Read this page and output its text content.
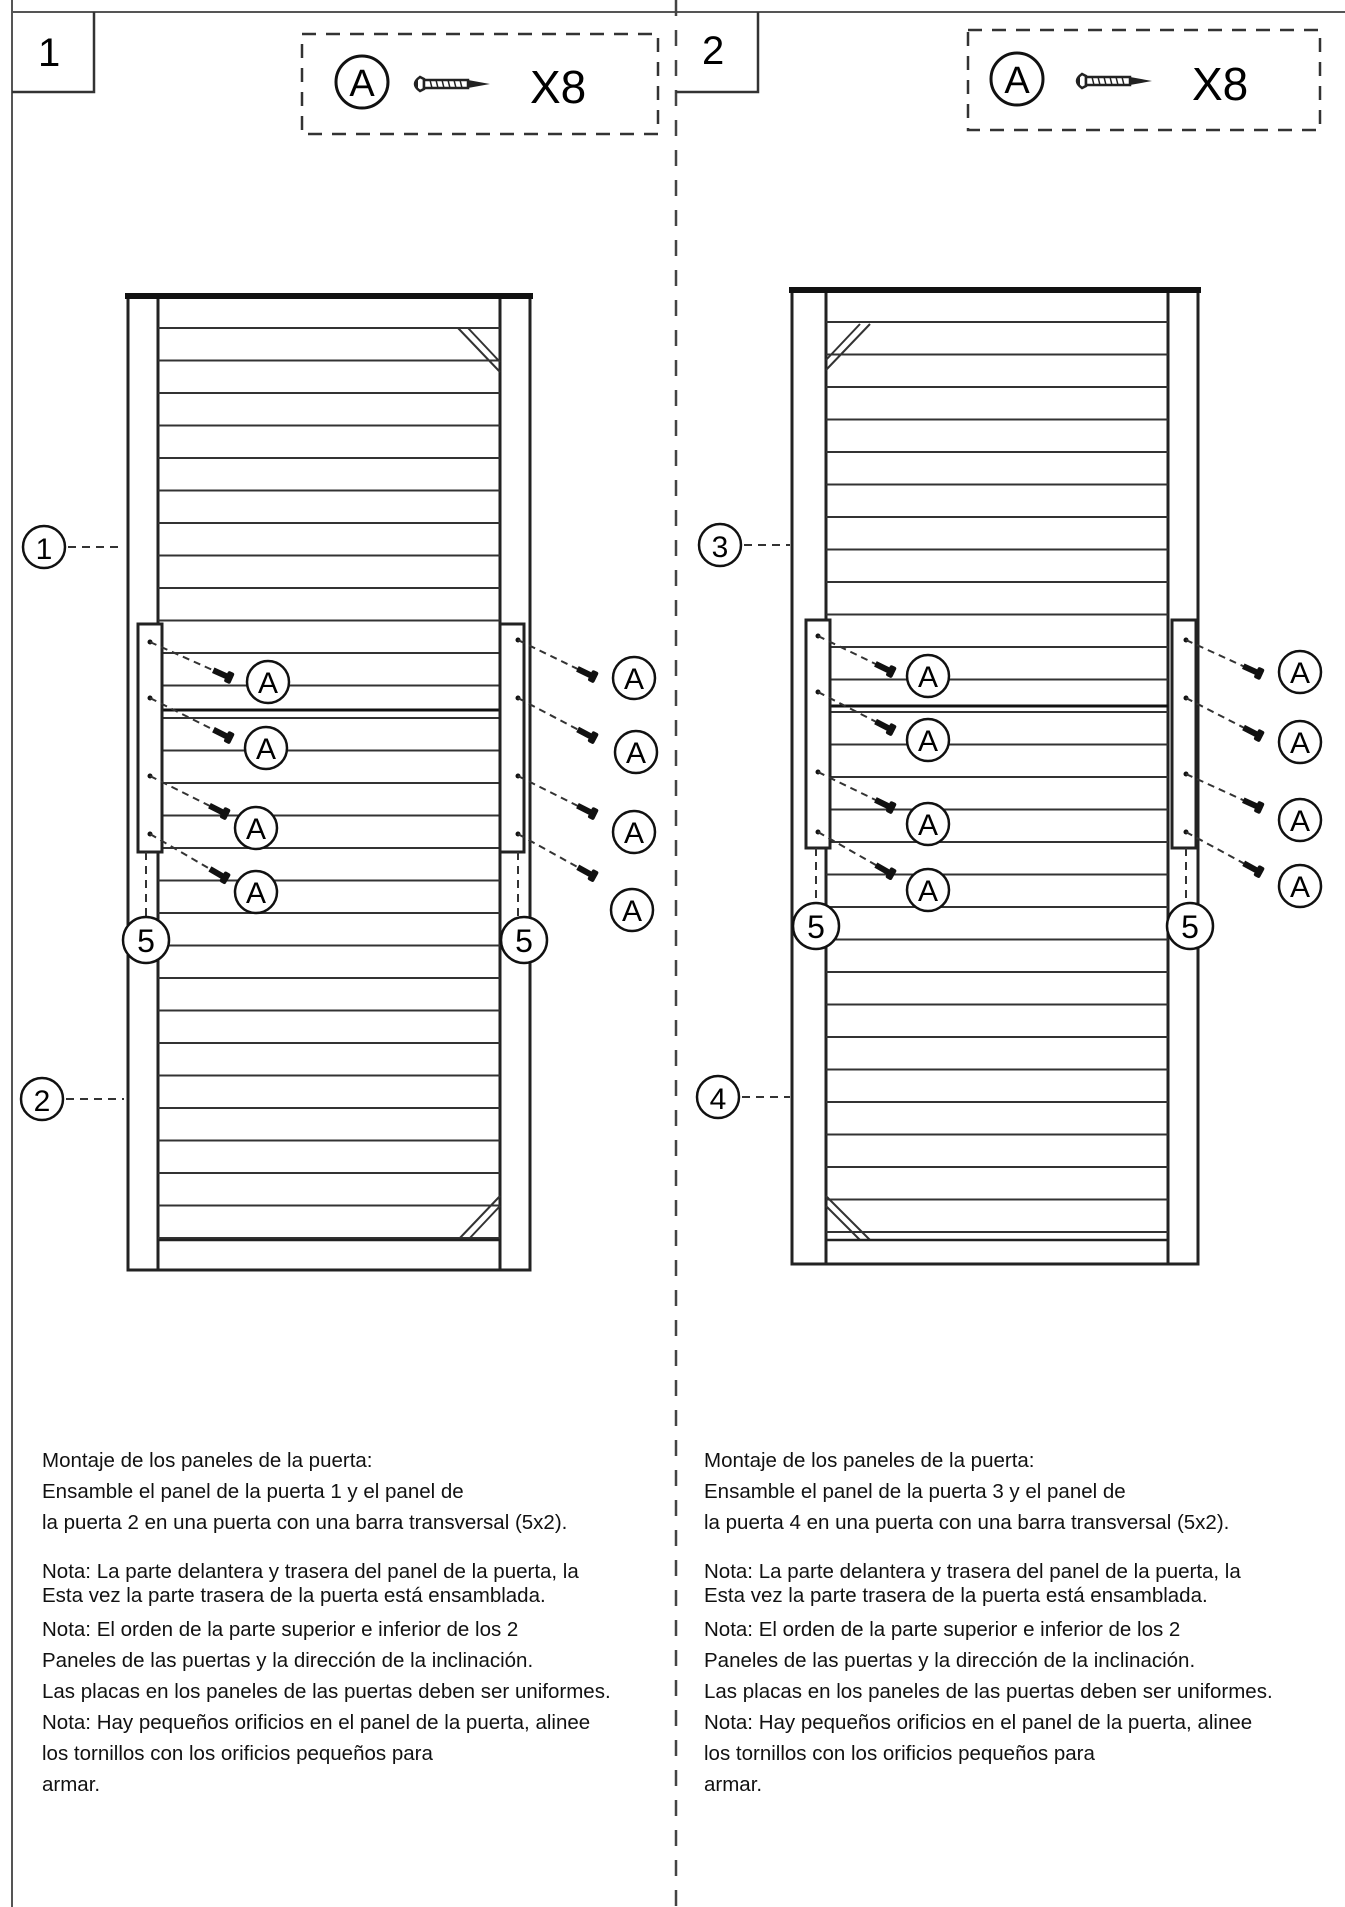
1
A	X8
2
A	X8
A
A
A
A
A
A
A
A
A
A
A
A
A
A
A
A
1
2
5	5
3
4
5	5

Montaje de los paneles de la puerta:

Ensamble el panel de la puerta 1 y el panel de

la puerta 2 en una puerta con una barra transversal (5x2).

Nota: La parte delantera y trasera del panel de la puerta, la
Esta vez la parte trasera de la puerta está ensamblada.

Nota: El orden de la parte superior e inferior de los 2
Paneles de las puertas y la dirección de la inclinación.
Las placas en los paneles de las puertas deben ser uniformes.
Nota: Hay pequeños orificios en el panel de la puerta, alinee
los tornillos con los orificios pequeños para
armar.

Montaje de los paneles de la puerta:

Ensamble el panel de la puerta 3 y el panel de

la puerta 4 en una puerta con una barra transversal (5x2).

Nota: La parte delantera y trasera del panel de la puerta, la
Esta vez la parte trasera de la puerta está ensamblada.

Nota: El orden de la parte superior e inferior de los 2
Paneles de las puertas y la dirección de la inclinación.
Las placas en los paneles de las puertas deben ser uniformes.
Nota: Hay pequeños orificios en el panel de la puerta, alinee
los tornillos con los orificios pequeños para
armar.
